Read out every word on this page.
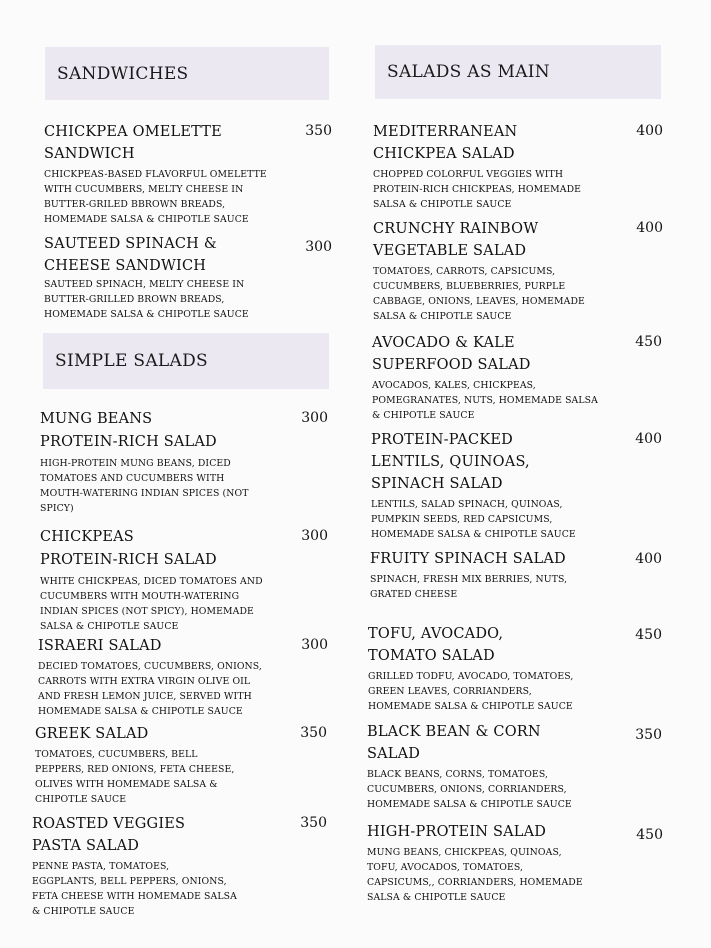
SANDWICHES
CHICKPEA OMELETTE
SANDWICH
350
CHICKPEAS-BASED FLAVORFUL OMELETTE
WITH CUCUMBERS, MELTY CHEESE IN
BUTTER-GRILED BBROWN BREADS,
HOMEMADE SALSA & CHIPOTLE SAUCE
SAUTEED SPINACH &
CHEESE SANDWICH
300
SAUTEED SPINACH, MELTY CHEESE IN
BUTTER-GRILLED BROWN BREADS,
HOMEMADE SALSA & CHIPOTLE SAUCE
SIMPLE SALADS
MUNG BEANS
PROTEIN-RICH SALAD
300
HIGH-PROTEIN MUNG BEANS, DICED
TOMATOES AND CUCUMBERS WITH
MOUTH-WATERING INDIAN SPICES (NOT
SPICY)
CHICKPEAS
PROTEIN-RICH SALAD
300
WHITE CHICKPEAS, DICED TOMATOES AND
CUCUMBERS WITH MOUTH-WATERING
INDIAN SPICES (NOT SPICY), HOMEMADE
SALSA & CHIPOTLE SAUCE
ISRAERI SALAD	300
DECIED TOMATOES, CUCUMBERS, ONIONS,
CARROTS WITH EXTRA VIRGIN OLIVE OIL
AND FRESH LEMON JUICE, SERVED WITH
HOMEMADE SALSA & CHIPOTLE SAUCE
GREEK SALAD	350
TOMATOES, CUCUMBERS, BELL
PEPPERS, RED ONIONS, FETA CHEESE,
OLIVES WITH HOMEMADE SALSA &
CHIPOTLE SAUCE
ROASTED VEGGIES
PASTA SALAD
350
PENNE PASTA, TOMATOES,
EGGPLANTS, BELL PEPPERS, ONIONS,
FETA CHEESE WITH HOMEMADE SALSA
& CHIPOTLE SAUCE
SALADS AS MAIN
MEDITERRANEAN
CHICKPEA SALAD
400
CHOPPED COLORFUL VEGGIES WITH
PROTEIN-RICH CHICKPEAS, HOMEMADE
SALSA & CHIPOTLE SAUCE
CRUNCHY RAINBOW
VEGETABLE SALAD
400
TOMATOES, CARROTS, CAPSICUMS,
CUCUMBERS, BLUEBERRIES, PURPLE
CABBAGE, ONIONS, LEAVES, HOMEMADE
SALSA & CHIPOTLE SAUCE
AVOCADO & KALE
SUPERFOOD SALAD
450
AVOCADOS, KALES, CHICKPEAS,
POMEGRANATES, NUTS, HOMEMADE SALSA
& CHIPOTLE SAUCE
PROTEIN-PACKED
LENTILS, QUINOAS,
SPINACH SALAD
400
LENTILS, SALAD SPINACH, QUINOAS,
PUMPKIN SEEDS, RED CAPSICUMS,
HOMEMADE SALSA & CHIPOTLE SAUCE
FRUITY SPINACH SALAD	400
SPINACH, FRESH MIX BERRIES, NUTS,
GRATED CHEESE
TOFU, AVOCADO,
TOMATO SALAD
450
GRILLED TODFU, AVOCADO, TOMATOES,
GREEN LEAVES, CORRIANDERS,
HOMEMADE SALSA & CHIPOTLE SAUCE
BLACK BEAN & CORN
SALAD
350
BLACK BEANS, CORNS, TOMATOES,
CUCUMBERS, ONIONS, CORRIANDERS,
HOMEMADE SALSA & CHIPOTLE SAUCE
HIGH-PROTEIN SALAD	450
MUNG BEANS, CHICKPEAS, QUINOAS,
TOFU, AVOCADOS, TOMATOES,
CAPSICUMS,, CORRIANDERS, HOMEMADE
SALSA & CHIPOTLE SAUCE
